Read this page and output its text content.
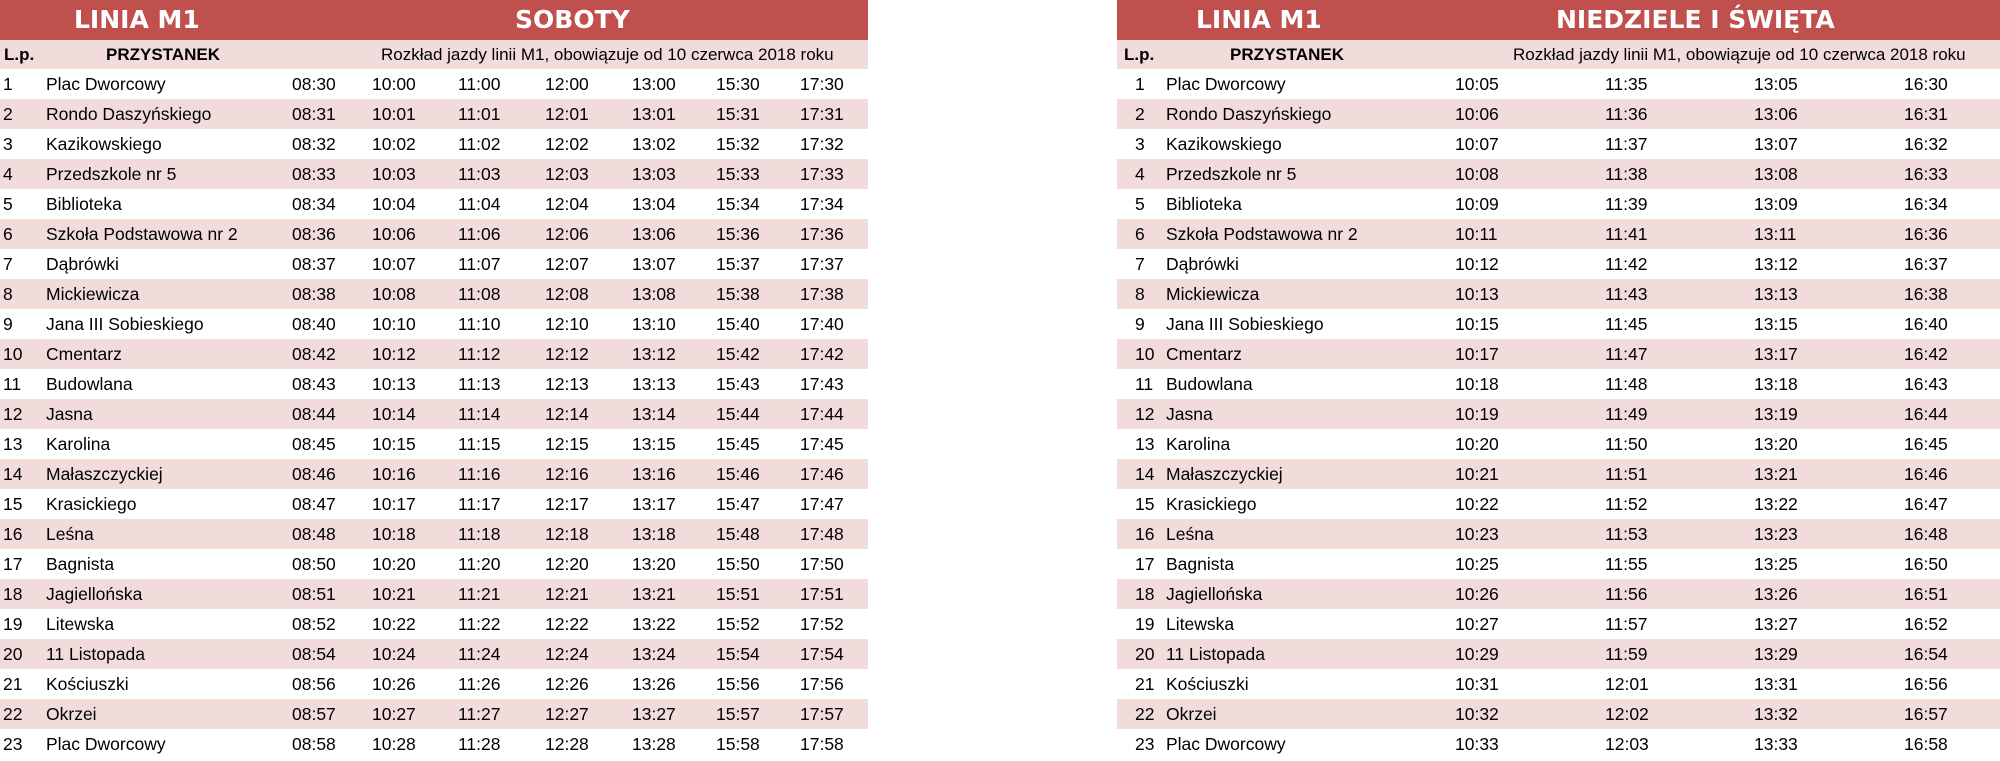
LINIA M1	SOBOTY
L.p.	PRZYSTANEK	Rozkład jazdy linii M1, obowiązuje od 10 czerwca 2018 roku
1 Plac Dworcowy	08:30 10:00 11:00	12:00 13:00 15:30 17:30
2 Rondo Daszyńskiego	08:31 10:01 11:01	12:01 13:01 15:31 17:31
3 Kazikowskiego	08:32 10:02 11:02	12:02 13:02 15:32 17:32
4 Przedszkole nr 5	08:33 10:03 11:03	12:03 13:03 15:33 17:33
5 Biblioteka	08:34 10:04 11:04	12:04 13:04 15:34 17:34
6 Szkoła Podstawowa nr 2	08:36 10:06 11:06	12:06 13:06 15:36 17:36
7 Dąbrówki	08:37 10:07 11:07	12:07 13:07 15:37 17:37
8 Mickiewicza	08:38 10:08 11:08	12:08 13:08 15:38 17:38
9 Jana III Sobieskiego	08:40 10:10 11:10	12:10 13:10 15:40 17:40
10 Cmentarz	08:42 10:12 11:12	12:12 13:12 15:42 17:42
11 Budowlana	08:43 10:13 11:13	12:13 13:13 15:43 17:43
12 Jasna	08:44 10:14 11:14	12:14 13:14 15:44 17:44
13 Karolina	08:45 10:15 11:15	12:15 13:15 15:45 17:45
14 Małaszczyckiej	08:46 10:16 11:16	12:16 13:16 15:46 17:46
15 Krasickiego	08:47 10:17 11:17	12:17 13:17 15:47 17:47
16 Leśna	08:48 10:18 11:18	12:18 13:18 15:48 17:48
17 Bagnista	08:50 10:20 11:20	12:20 13:20 15:50 17:50
18 Jagiellońska	08:51 10:21 11:21	12:21 13:21 15:51 17:51
19 Litewska	08:52 10:22 11:22	12:22 13:22 15:52 17:52
20 11 Listopada	08:54 10:24 11:24	12:24 13:24 15:54 17:54
21 Kościuszki	08:56 10:26 11:26	12:26 13:26 15:56 17:56
22 Okrzei	08:57 10:27 11:27	12:27 13:27 15:57 17:57
23 Plac Dworcowy	08:58 10:28 11:28	12:28 13:28 15:58 17:58
LINIA M1	NIEDZIELE I ŚWIĘTA
L.p.	PRZYSTANEK	Rozkład jazdy linii M1, obowiązuje od 10 czerwca 2018 roku
1 Plac Dworcowy	10:05	11:35	13:05	16:30
2 Rondo Daszyńskiego	10:06	11:36	13:06	16:31
3 Kazikowskiego	10:07	11:37	13:07	16:32
4 Przedszkole nr 5	10:08	11:38	13:08	16:33
5 Biblioteka	10:09	11:39	13:09	16:34
6 Szkoła Podstawowa nr 2	10:11	11:41	13:11	16:36
7 Dąbrówki	10:12	11:42	13:12	16:37
8 Mickiewicza	10:13	11:43	13:13	16:38
9 Jana III Sobieskiego	10:15	11:45	13:15	16:40
10 Cmentarz	10:17	11:47	13:17	16:42
11 Budowlana	10:18	11:48	13:18	16:43
12 Jasna	10:19	11:49	13:19	16:44
13 Karolina	10:20	11:50	13:20	16:45
14 Małaszczyckiej	10:21	11:51	13:21	16:46
15 Krasickiego	10:22	11:52	13:22	16:47
16 Leśna	10:23	11:53	13:23	16:48
17 Bagnista	10:25	11:55	13:25	16:50
18 Jagiellońska	10:26	11:56	13:26	16:51
19 Litewska	10:27	11:57	13:27	16:52
20 11 Listopada	10:29	11:59	13:29	16:54
21 Kościuszki	10:31	12:01	13:31	16:56
22 Okrzei	10:32	12:02	13:32	16:57
23 Plac Dworcowy	10:33	12:03	13:33	16:58
